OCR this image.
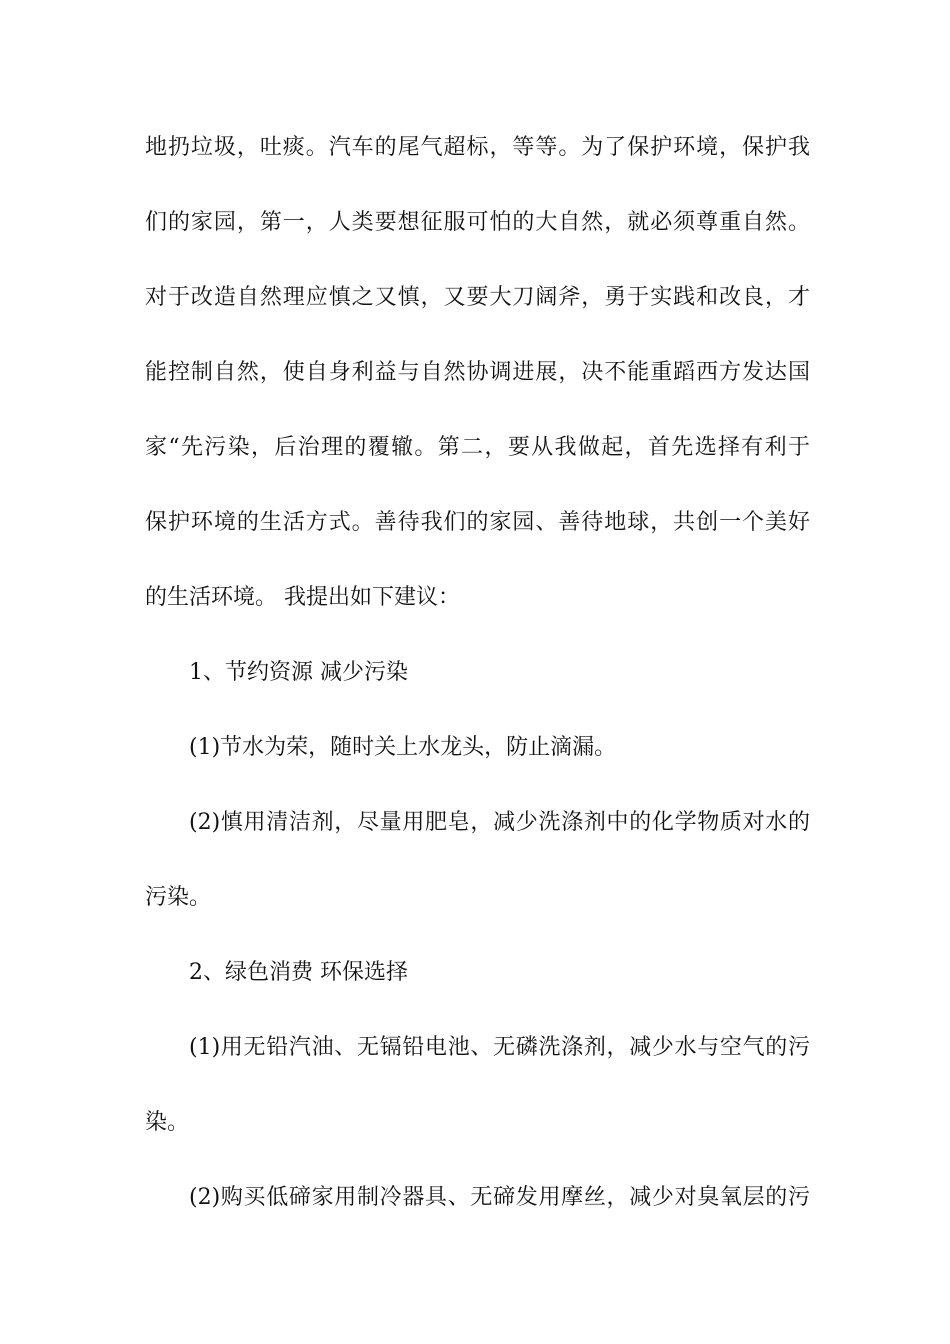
地扔垃圾，吐痰。汽车的尾气超标，等等。为了保护环境，保护我
们的家园，第一，人类要想征服可怕的大自然，就必须尊重自然。
对于改造自然理应慎之又慎，又要大刀阔斧，勇于实践和改良，才
能控制自然，使自身利益与自然协调进展，决不能重蹈西方发达国
家“先污染，后治理的覆辙。第二，要从我做起，首先选择有利于
保护环境的生活方式。善待我们的家园、善待地球，共创一个美好
的生活环境。 我提出如下建议：
1、节约资源 减少污染
(1)节水为荣，随时关上水龙头，防止滴漏。
(2)慎用清洁剂，尽量用肥皂，减少洗涤剂中的化学物质对水的
污染。
2、绿色消费 环保选择
(1)用无铅汽油、无镉铅电池、无磷洗涤剂，减少水与空气的污
染。
(2)购买低碲家用制冷器具、无碲发用摩丝，减少对臭氧层的污
